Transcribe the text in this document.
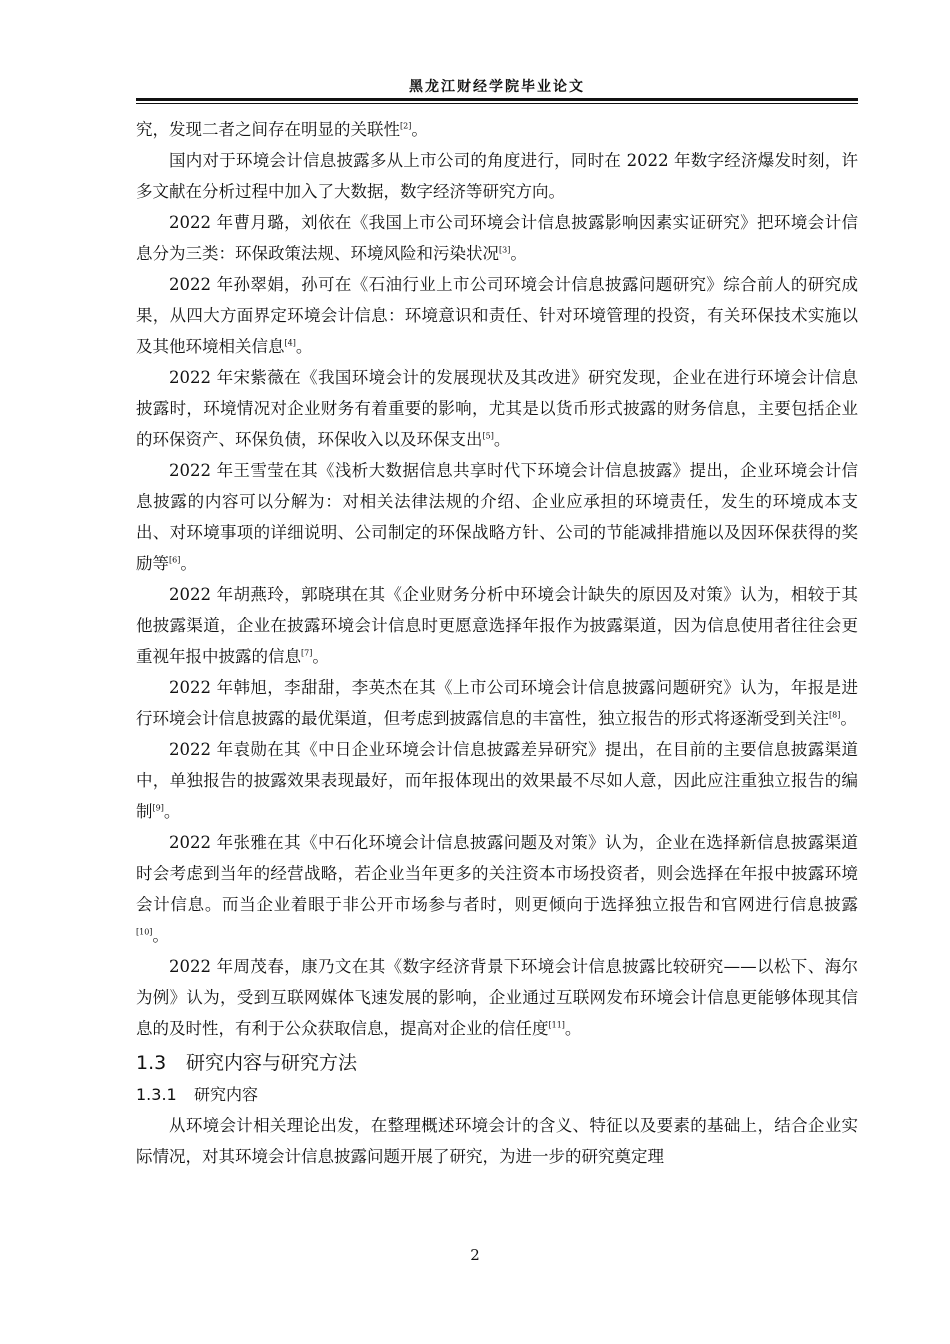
黑龙江财经学院毕业论文

究，发现二者之间存在明显的关联性[2]。

国内对于环境会计信息披露多从上市公司的角度进行，同时在 2022 年数字经济爆发时刻，许多文献在分析过程中加入了大数据，数字经济等研究方向。

2022 年曹月璐，刘依在《我国上市公司环境会计信息披露影响因素实证研究》把环境会计信息分为三类：环保政策法规、环境风险和污染状况[3]。

2022 年孙翠娟，孙可在《石油行业上市公司环境会计信息披露问题研究》综合前人的研究成果，从四大方面界定环境会计信息：环境意识和责任、针对环境管理的投资，有关环保技术实施以及其他环境相关信息[4]。

2022 年宋紫薇在《我国环境会计的发展现状及其改进》研究发现，企业在进行环境会计信息披露时，环境情况对企业财务有着重要的影响，尤其是以货币形式披露的财务信息，主要包括企业的环保资产、环保负债，环保收入以及环保支出[5]。

2022 年王雪莹在其《浅析大数据信息共享时代下环境会计信息披露》提出，企业环境会计信息披露的内容可以分解为：对相关法律法规的介绍、企业应承担的环境责任，发生的环境成本支出、对环境事项的详细说明、公司制定的环保战略方针、公司的节能减排措施以及因环保获得的奖励等[6]。

2022 年胡燕玲，郭晓琪在其《企业财务分析中环境会计缺失的原因及对策》认为，相较于其他披露渠道，企业在披露环境会计信息时更愿意选择年报作为披露渠道，因为信息使用者往往会更重视年报中披露的信息[7]。

2022 年韩旭，李甜甜，李英杰在其《上市公司环境会计信息披露问题研究》认为，年报是进行环境会计信息披露的最优渠道，但考虑到披露信息的丰富性，独立报告的形式将逐渐受到关注[8]。

2022 年袁勋在其《中日企业环境会计信息披露差异研究》提出，在目前的主要信息披露渠道中，单独报告的披露效果表现最好，而年报体现出的效果最不尽如人意，因此应注重独立报告的编制[9]。

2022 年张雅在其《中石化环境会计信息披露问题及对策》认为，企业在选择新信息披露渠道时会考虑到当年的经营战略，若企业当年更多的关注资本市场投资者，则会选择在年报中披露环境会计信息。而当企业着眼于非公开市场参与者时，则更倾向于选择独立报告和官网进行信息披露[10]。

2022 年周茂春，康乃文在其《数字经济背景下环境会计信息披露比较研究——以松下、海尔为例》认为，受到互联网媒体飞速发展的影响，企业通过互联网发布环境会计信息更能够体现其信息的及时性，有利于公众获取信息，提高对企业的信任度[11]。

1.3 研究内容与研究方法
1.3.1 研究内容

从环境会计相关理论出发，在整理概述环境会计的含义、特征以及要素的基础上，结合企业实际情况，对其环境会计信息披露问题开展了研究，为进一步的研究奠定理

2
